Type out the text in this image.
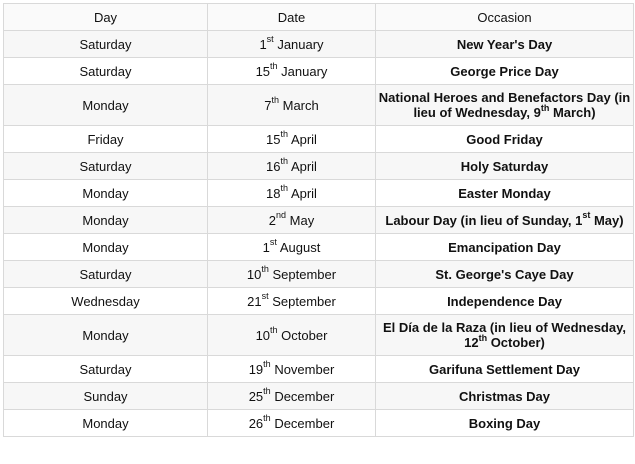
Day	Date	Occasion
Saturday	1st January	New Year's Day
Saturday	15th January	George Price Day
Monday	7th March	National Heroes and Benefactors Day (in lieu of Wednesday, 9th March)
Friday	15th April	Good Friday
Saturday	16th April	Holy Saturday
Monday	18th April	Easter Monday
Monday	2nd May	Labour Day (in lieu of Sunday, 1st May)
Monday	1st August	Emancipation Day
Saturday	10th September	St. George's Caye Day
Wednesday	21st September	Independence Day
Monday	10th October	El Día de la Raza (in lieu of Wednesday, 12th October)
Saturday	19th November	Garifuna Settlement Day
Sunday	25th December	Christmas Day
Monday	26th December	Boxing Day
